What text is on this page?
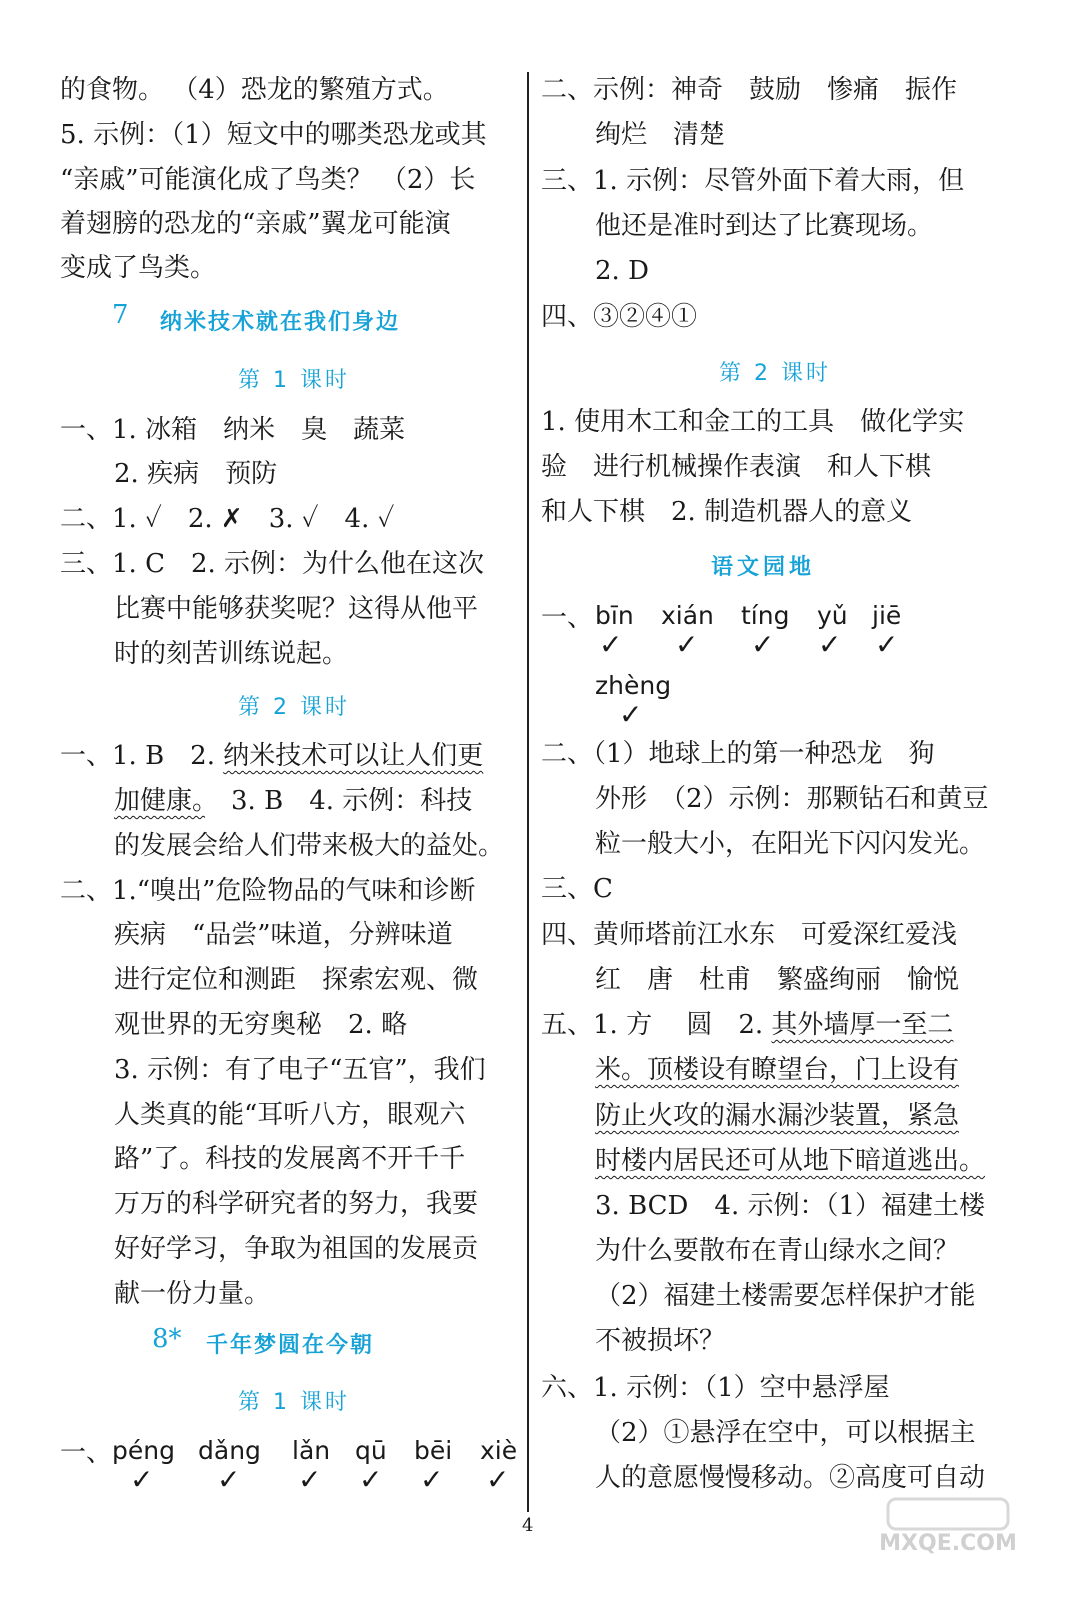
的食物。 （4）恐龙的繁殖方式。
5. 示例：（1）短文中的哪类恐龙或其
“亲戚”可能演化成了鸟类？ （2）长
着翅膀的恐龙的“亲戚”翼龙可能演
变成了鸟类。
7 纳米技术就在我们身边
第 1 课时
一、1. 冰箱　纳米　臭　蔬菜
2. 疾病　预防
二、1. ✓　2. ✗　3. ✓　4. ✓
三、1. C　2. 示例：为什么他在这次
比赛中能够获奖呢？这得从他平
时的刻苦训练说起。
第 2 课时
一、1. B　2. 纳米技术可以让人们更
加健康。　3. B　4. 示例：科技
的发展会给人们带来极大的益处。
二、1.“嗅出”危险物品的气味和诊断
疾病　“品尝”味道，分辨味道
进行定位和测距　探索宏观、微
观世界的无穷奥秘　2. 略
3. 示例：有了电子“五官”，我们
人类真的能“耳听八方，眼观六
路”了。科技的发展离不开千千
万万的科学研究者的努力，我要
好好学习，争取为祖国的发展贡
献一份力量。
8* 千年梦圆在今朝
第 1 课时
一、 péng dǎng lǎn qū bēi xiè
✓ ✓ ✓ ✓ ✓ ✓
二、示例：神奇　鼓励　惨痛　振作
绚烂　清楚
三、1. 示例：尽管外面下着大雨，但
他还是准时到达了比赛现场。
2. D
四、③②④①
第 2 课时
1. 使用木工和金工的工具　做化学实
验　进行机械操作表演　和人下棋
和人下棋　2. 制造机器人的意义
语文园地
一、 bīn xián tíng yǔ jiē
✓ ✓ ✓ ✓ ✓
zhèng
✓
二、（1）地球上的第一种恐龙　狗
外形　（2）示例：那颗钻石和黄豆
粒一般大小，在阳光下闪闪发光。
三、C
四、黄师塔前江水东　可爱深红爱浅
红　唐　杜甫　繁盛绚丽　愉悦
五、1. 方　 圆　2. 其外墙厚一至二
米。顶楼设有瞭望台，门上设有
防止火攻的漏水漏沙装置，紧急
时楼内居民还可从地下暗道逃出。
3. BCD　4. 示例：（1）福建土楼
为什么要散布在青山绿水之间？
（2）福建土楼需要怎样保护才能
不被损坏？
六、1. 示例：（1）空中悬浮屋
（2）①悬浮在空中，可以根据主
人的意愿慢慢移动。②高度可自动
4
MXQE.COM
